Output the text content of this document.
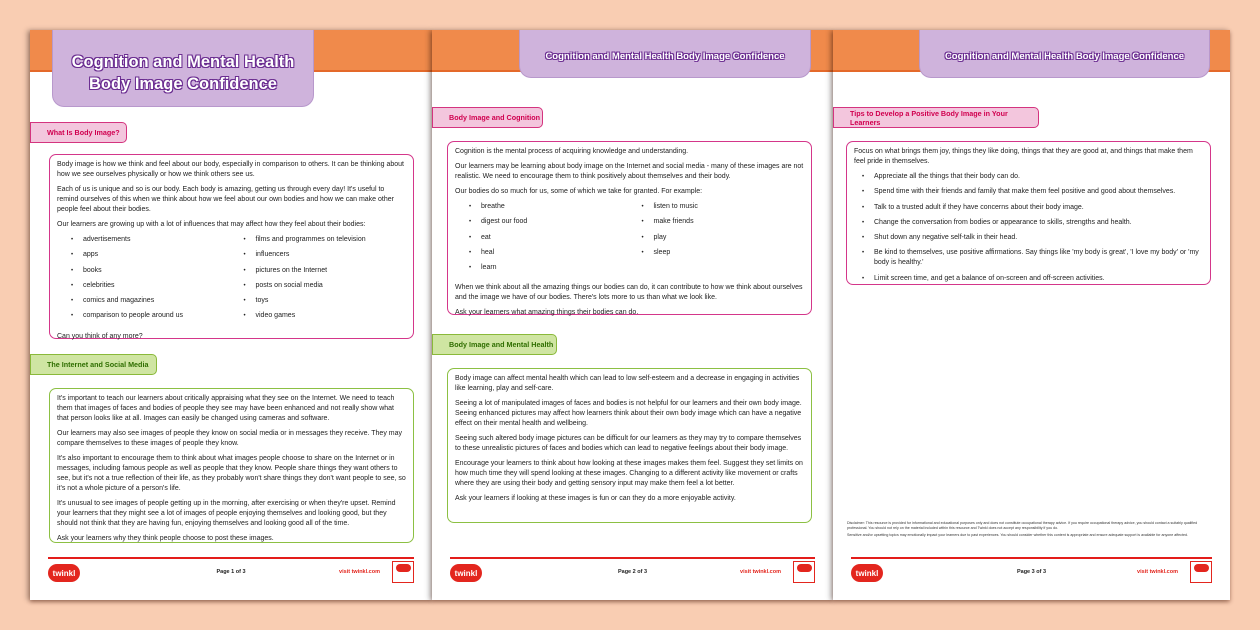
Cognition and Mental Health
Body Image Confidence
What Is Body Image?

Body image is how we think and feel about our body, especially in comparison to others. It can be thinking about how we see ourselves physically or how we think others see us.

Each of us is unique and so is our body. Each body is amazing, getting us through every day! It's useful to remind ourselves of this when we think about how we feel about our own bodies and how we can make other people feel about their bodies.

Our learners are growing up with a lot of influences that may affect how they feel about their bodies:

• advertisements
• apps
• books
• celebrities
• comics and magazines
• comparison to people around us
• films and programmes on television
• influencers
• pictures on the Internet
• posts on social media
• toys
• video games

Can you think of any more?

The Internet and Social Media

It's important to teach our learners about critically appraising what they see on the Internet. We need to teach them that images of faces and bodies of people they see may have been enhanced and not really show what that person looks like at all. Images can easily be changed using cameras and software.

Our learners may also see images of people they know on social media or in messages they receive. They may compare themselves to these images of people they know.

It's also important to encourage them to think about what images people choose to share on the Internet or in messages, including famous people as well as people that they know. People share things they want others to see, but it's not a true reflection of their life, as they probably won't share things they don't want people to see, so it's not a whole picture of a person's life.

It's unusual to see images of people getting up in the morning, after exercising or when they're upset. Remind your learners that they might see a lot of images of people enjoying themselves and looking good, but they should not think that they are having fun, enjoying themselves and looking good all of the time.

Ask your learners why they think people choose to post these images.

twinkl	Page 1 of 3	visit twinkl.com
Cognition and Mental Health Body Image Confidence
Body Image and Cognition

Cognition is the mental process of acquiring knowledge and understanding.

Our learners may be learning about body image on the Internet and social media - many of these images are not realistic. We need to encourage them to think positively about themselves and their body.

Our bodies do so much for us, some of which we take for granted. For example:

• breathe
• digest our food
• eat
• heal
• learn
• listen to music
• make friends
• play
• sleep

When we think about all the amazing things our bodies can do, it can contribute to how we think about ourselves and the image we have of our bodies. There's lots more to us than what we look like.

Ask your learners what amazing things their bodies can do.

Body Image and Mental Health

Body image can affect mental health which can lead to low self-esteem and a decrease in engaging in activities like learning, play and self-care.

Seeing a lot of manipulated images of faces and bodies is not helpful for our learners and their own body image. Seeing enhanced pictures may affect how learners think about their own body image which can have a negative effect on their mental health and wellbeing.

Seeing such altered body image pictures can be difficult for our learners as they may try to compare themselves to these unrealistic pictures of faces and bodies which can lead to negative feelings about their body image.

Encourage your learners to think about how looking at these images makes them feel. Suggest they set limits on how much time they will spend looking at these images. Changing to a different activity like movement or crafts where they are using their body and getting sensory input may make them feel a lot better.

Ask your learners if looking at these images is fun or can they do a more enjoyable activity.

twinkl	Page 2 of 3	visit twinkl.com
Cognition and Mental Health Body Image Confidence
Tips to Develop a Positive Body Image in Your Learners

Focus on what brings them joy, things they like doing, things that they are good at, and things that make them feel pride in themselves.

• Appreciate all the things that their body can do.
• Spend time with their friends and family that make them feel positive and good about themselves.
• Talk to a trusted adult if they have concerns about their body image.
• Change the conversation from bodies or appearance to skills, strengths and health.
• Shut down any negative self-talk in their head.
• Be kind to themselves, use positive affirmations. Say things like 'my body is great', 'I love my body' or 'my body is healthy.'
• Limit screen time, and get a balance of on-screen and off-screen activities.

Disclaimer: This resource is provided for informational and educational purposes only and does not constitute occupational therapy advice. If you require occupational therapy advice, you should contact a suitably qualified professional. You should not rely on the material included within this resource and Twinkl does not accept any responsibility if you do.

Sensitive and/or upsetting topics may emotionally impact your learners due to past experiences. You should consider whether this content is appropriate and ensure adequate support is available for anyone affected.

twinkl	Page 3 of 3	visit twinkl.com
